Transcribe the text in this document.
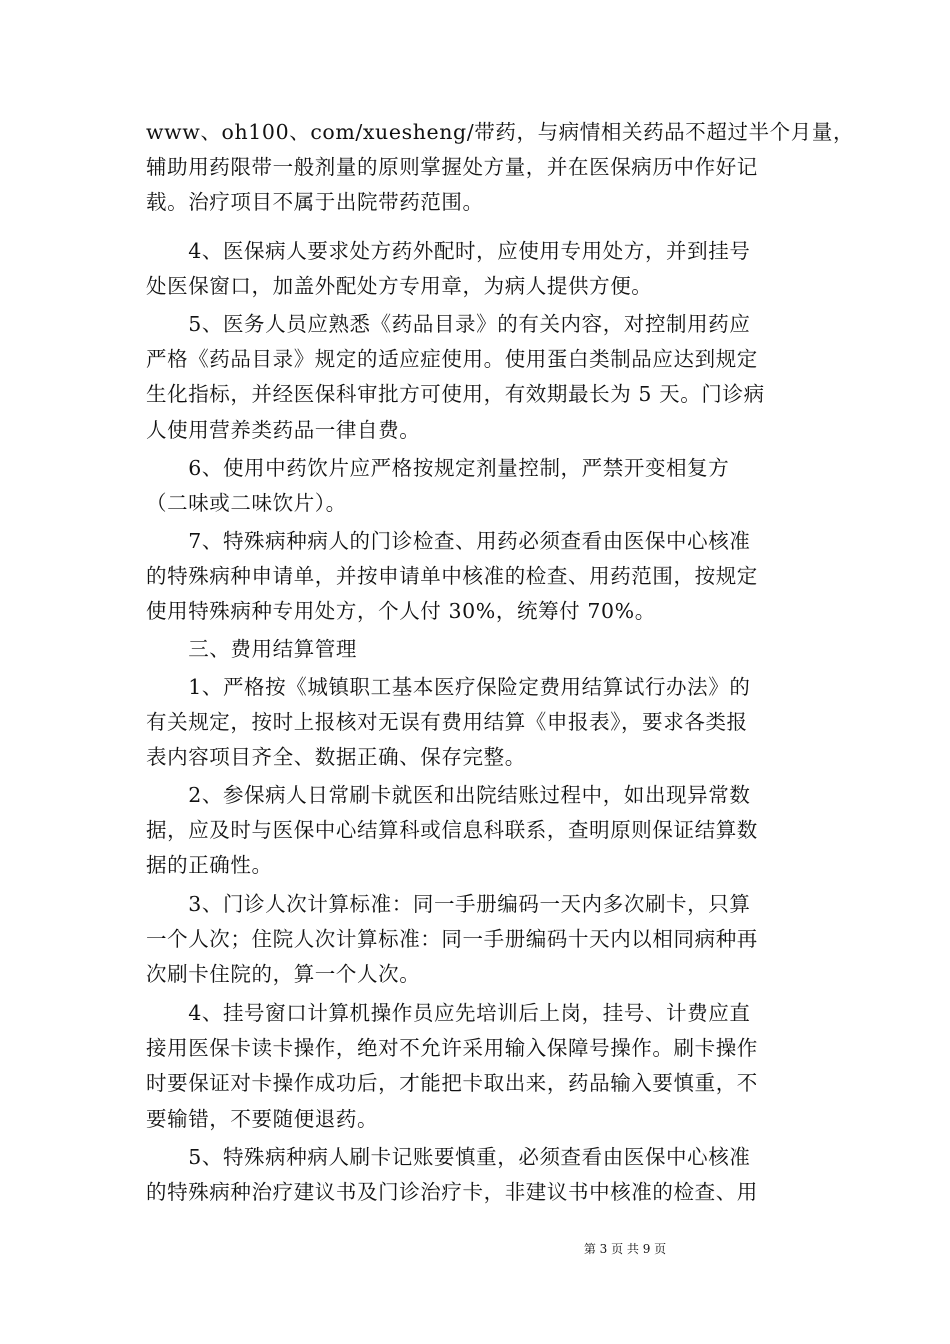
www、oh100、com/xuesheng/带药，与病情相关药品不超过半个月量，
辅助用药限带一般剂量的原则掌握处方量，并在医保病历中作好记
载。治疗项目不属于出院带药范围。
　　4、医保病人要求处方药外配时，应使用专用处方，并到挂号
处医保窗口，加盖外配处方专用章，为病人提供方便。
　　5、医务人员应熟悉《药品目录》的有关内容，对控制用药应
严格《药品目录》规定的适应症使用。使用蛋白类制品应达到规定
生化指标，并经医保科审批方可使用，有效期最长为 5 天。门诊病
人使用营养类药品一律自费。
　　6、使用中药饮片应严格按规定剂量控制，严禁开变相复方
（二味或二味饮片）。
　　7、特殊病种病人的门诊检查、用药必须查看由医保中心核准
的特殊病种申请单，并按申请单中核准的检查、用药范围，按规定
使用特殊病种专用处方，个人付 30%，统筹付 70%。
　　三、费用结算管理
　　1、严格按《城镇职工基本医疗保险定费用结算试行办法》的
有关规定，按时上报核对无误有费用结算《申报表》，要求各类报
表内容项目齐全、数据正确、保存完整。
　　2、参保病人日常刷卡就医和出院结账过程中，如出现异常数
据，应及时与医保中心结算科或信息科联系，查明原则保证结算数
据的正确性。
　　3、门诊人次计算标准：同一手册编码一天内多次刷卡，只算
一个人次；住院人次计算标准：同一手册编码十天内以相同病种再
次刷卡住院的，算一个人次。
　　4、挂号窗口计算机操作员应先培训后上岗，挂号、计费应直
接用医保卡读卡操作，绝对不允许采用输入保障号操作。刷卡操作
时要保证对卡操作成功后，才能把卡取出来，药品输入要慎重，不
要输错，不要随便退药。
　　5、特殊病种病人刷卡记账要慎重，必须查看由医保中心核准
的特殊病种治疗建议书及门诊治疗卡，非建议书中核准的检查、用
第 3 页 共 9 页
